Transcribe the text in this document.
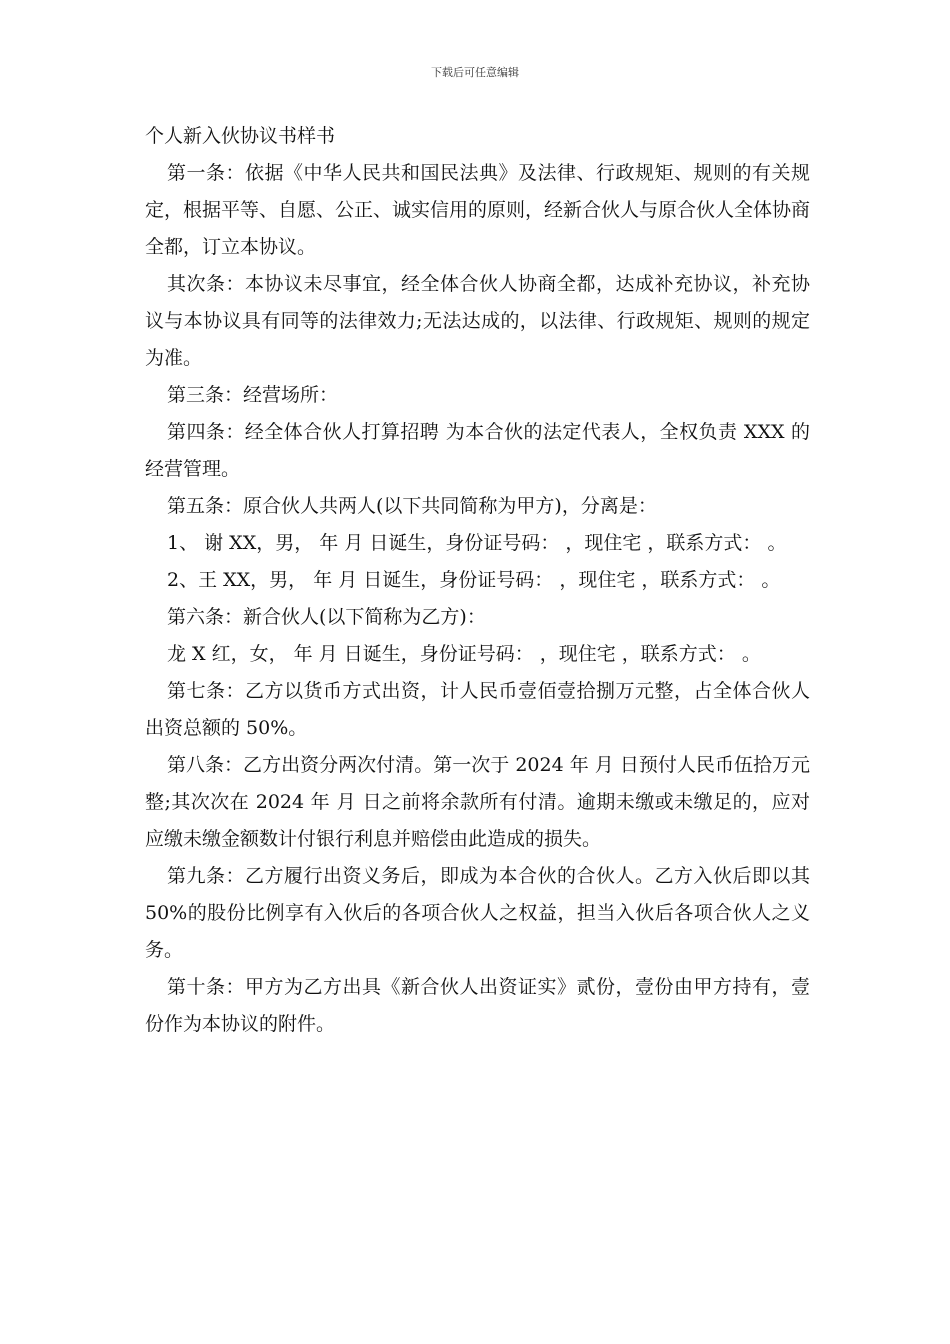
下载后可任意编辑

个人新入伙协议书样书

第一条：依据《中华人民共和国民法典》及法律、行政规矩、规则的有关规定，根据平等、自愿、公正、诚实信用的原则，经新合伙人与原合伙人全体协商全都，订立本协议。

其次条：本协议未尽事宜，经全体合伙人协商全都，达成补充协议，补充协议与本协议具有同等的法律效力;无法达成的，以法律、行政规矩、规则的规定为准。

第三条：经营场所：

第四条：经全体合伙人打算招聘 为本合伙的法定代表人，全权负责 XXX 的经营管理。

第五条：原合伙人共两人(以下共同简称为甲方)，分离是：

1、 谢 XX，男， 年 月 日诞生，身份证号码： ，现住宅 ，联系方式： 。

2、王 XX，男， 年 月 日诞生，身份证号码： ，现住宅 ，联系方式： 。

第六条：新合伙人(以下简称为乙方)：

龙 X 红，女， 年 月 日诞生，身份证号码： ，现住宅 ，联系方式： 。

第七条：乙方以货币方式出资，计人民币壹佰壹拾捌万元整，占全体合伙人出资总额的 50%。

第八条：乙方出资分两次付清。第一次于 2024 年 月 日预付人民币伍拾万元整;其次次在 2024 年 月 日之前将余款所有付清。逾期未缴或未缴足的，应对应缴未缴金额数计付银行利息并赔偿由此造成的损失。

第九条：乙方履行出资义务后，即成为本合伙的合伙人。乙方入伙后即以其 50%的股份比例享有入伙后的各项合伙人之权益，担当入伙后各项合伙人之义务。

第十条：甲方为乙方出具《新合伙人出资证实》贰份，壹份由甲方持有，壹份作为本协议的附件。
